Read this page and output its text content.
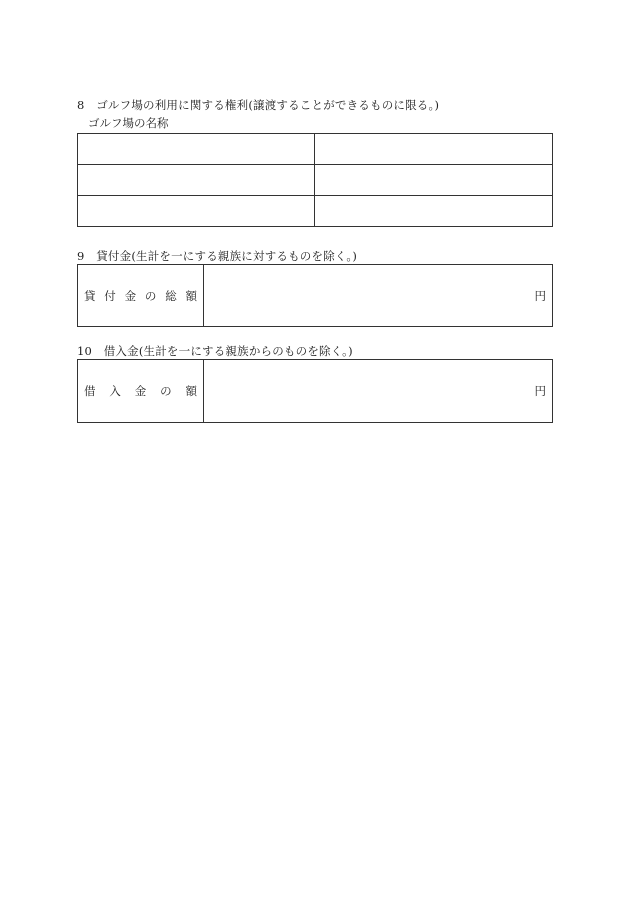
8　ゴルフ場の利用に関する権利(譲渡することができるものに限る。)
ゴルフ場の名称

9　貸付金(生計を一にする親族に対するものを除く。)
貸付金の総額	円
10　借入金(生計を一にする親族からのものを除く。)
借入金の額	円
